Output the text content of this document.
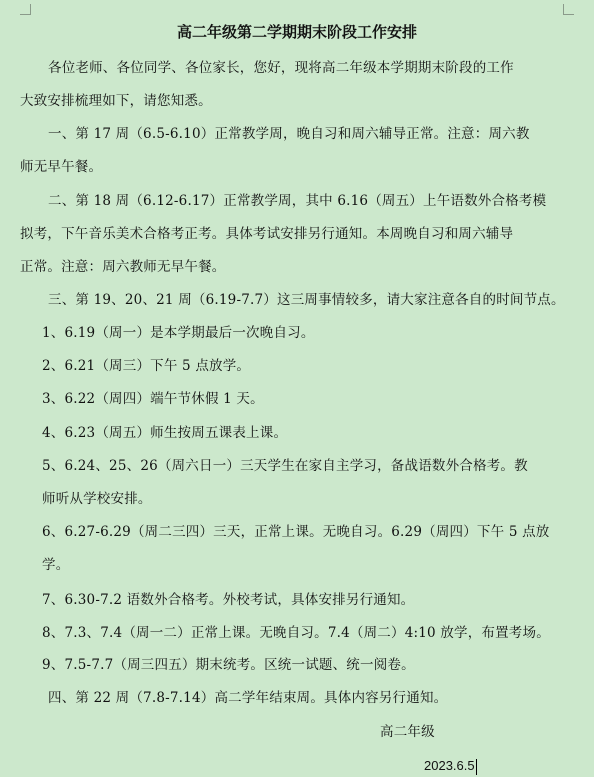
高二年级第二学期期末阶段工作安排
各位老师、各位同学、各位家长，您好，现将高二年级本学期期末阶段的工作
大致安排梳理如下，请您知悉。
一、第 17 周（6.5-6.10）正常教学周，晚自习和周六辅导正常。注意：周六教
师无早午餐。
二、第 18 周（6.12-6.17）正常教学周，其中 6.16（周五）上午语数外合格考模
拟考，下午音乐美术合格考正考。具体考试安排另行通知。本周晚自习和周六辅导
正常。注意：周六教师无早午餐。
三、第 19、20、21 周（6.19-7.7）这三周事情较多，请大家注意各自的时间节点。
1、6.19（周一）是本学期最后一次晚自习。
2、6.21（周三）下午 5 点放学。
3、6.22（周四）端午节休假 1 天。
4、6.23（周五）师生按周五课表上课。
5、6.24、25、26（周六日一）三天学生在家自主学习，备战语数外合格考。教
师听从学校安排。
6、6.27-6.29（周二三四）三天，正常上课。无晚自习。6.29（周四）下午 5 点放
学。
7、6.30-7.2 语数外合格考。外校考试，具体安排另行通知。
8、7.3、7.4（周一二）正常上课。无晚自习。7.4（周二）4:10 放学，布置考场。
9、7.5-7.7（周三四五）期末统考。区统一试题、统一阅卷。
四、第 22 周（7.8-7.14）高二学年结束周。具体内容另行通知。
高二年级
2023.6.5
